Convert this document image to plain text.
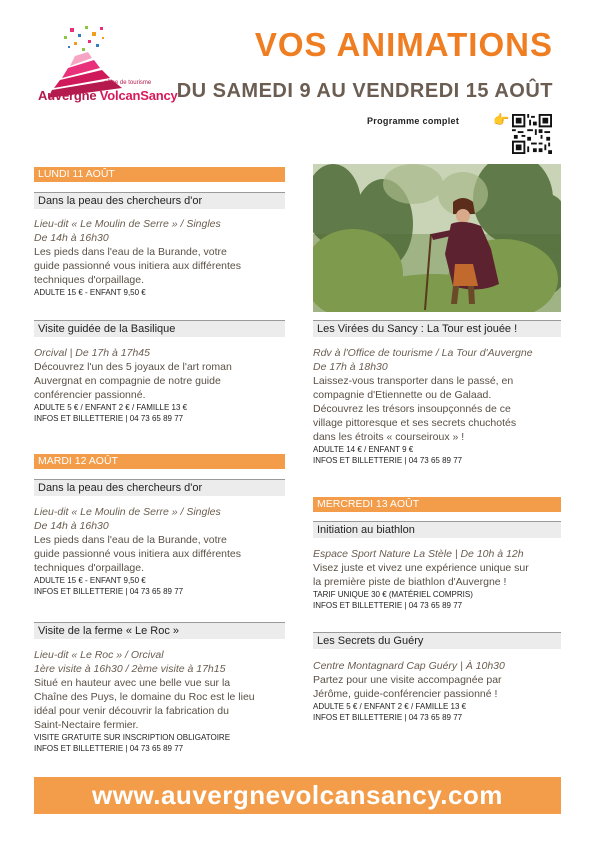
office de tourisme
Auvergne VolcanSancy
VOS ANIMATIONS
DU SAMEDI 9 AU VENDREDI 15 AOÛT
Programme complet	👉
LUNDI 11 AOÛT
Dans la peau des chercheurs d'or
Lieu-dit « Le Moulin de Serre » / Singles
De 14h à 16h30
Les pieds dans l'eau de la Burande, votre
guide passionné vous initiera aux différentes
techniques d'orpaillage.
ADULTE 15 € - ENFANT 9,50 €
Visite guidée de la Basilique
Orcival | De 17h à 17h45
Découvrez l'un des 5 joyaux de l'art roman
Auvergnat en compagnie de notre guide
conférencier passionné.
ADULTE 5 € / ENFANT 2 € / FAMILLE 13 €
INFOS ET BILLETTERIE | 04 73 65 89 77
MARDI 12 AOÛT
Dans la peau des chercheurs d'or
Lieu-dit « Le Moulin de Serre » / Singles
De 14h à 16h30
Les pieds dans l'eau de la Burande, votre
guide passionné vous initiera aux différentes
techniques d'orpaillage.
ADULTE 15 € - ENFANT 9,50 €
INFOS ET BILLETTERIE | 04 73 65 89 77
Visite de la ferme « Le Roc »
Lieu-dit « Le Roc » / Orcival
1ère visite à 16h30 / 2ème visite à 17h15
Situé en hauteur avec une belle vue sur la
Chaîne des Puys, le domaine du Roc est le lieu
idéal pour venir découvrir la fabrication du
Saint-Nectaire fermier.
VISITE GRATUITE SUR INSCRIPTION OBLIGATOIRE
INFOS ET BILLETTERIE | 04 73 65 89 77
Les Virées du Sancy : La Tour est jouée !
Rdv à l'Office de tourisme / La Tour d'Auvergne
De 17h à 18h30
Laissez-vous transporter dans le passé, en
compagnie d'Etiennette ou de Galaad.
Découvrez les trésors insoupçonnés de ce
village pittoresque et ses secrets chuchotés
dans les étroits « courseiroux » !
ADULTE 14 € / ENFANT 9 €
INFOS ET BILLETTERIE | 04 73 65 89 77
MERCREDI 13 AOÛT
Initiation au biathlon
Espace Sport Nature La Stèle | De 10h à 12h
Visez juste et vivez une expérience unique sur
la première piste de biathlon d'Auvergne !
TARIF UNIQUE 30 € (MATÉRIEL COMPRIS)
INFOS ET BILLETTERIE | 04 73 65 89 77
Les Secrets du Guéry
Centre Montagnard Cap Guéry | À 10h30
Partez pour une visite accompagnée par
Jérôme, guide-conférencier passionné !
ADULTE 5 € / ENFANT 2 € / FAMILLE 13 €
INFOS ET BILLETTERIE | 04 73 65 89 77
www.auvergnevolcansancy.com
